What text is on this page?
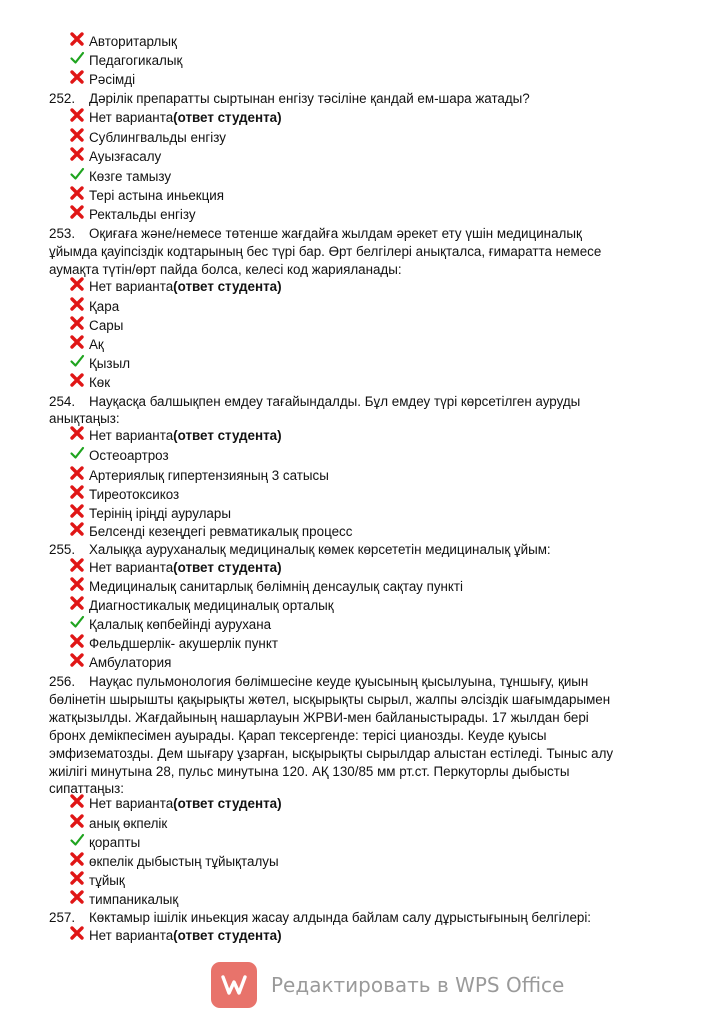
Авторитарлық
Педагогикалық
Рәсімді
252. Дәрілік препаратты сыртынан енгізу тәсіліне қандай ем-шара жатады?
Нет варианта (ответ студента)
Сублингвальды енгізу
Ауызғасалу
Көзге тамызу
Тері астына иньекция
Ректальды енгізу
253. Оқиғаға және/немесе төтенше жағдайға жылдам әрекет ету үшін медициналық
ұйымда қауіпсіздік кодтарының бес түрі бар. Өрт белгілері анықталса, ғимаратта немесе
аумақта түтін/өрт пайда болса, келесі код жарияланады:
Нет варианта (ответ студента)
Қара
Сары
Ақ
Қызыл
Көк
254. Науқасқа балшықпен емдеу тағайындалды. Бұл емдеу түрі көрсетілген ауруды
анықтаңыз:
Нет варианта (ответ студента)
Остеоартроз
Артериялық гипертензияның 3 сатысы
Тиреотоксикоз
Терінің іріңді аурулары
Белсенді кезеңдегі ревматикалық процесс
255. Халыққа ауруханалық медициналық көмек көрсететін медициналық ұйым:
Нет варианта (ответ студента)
Медициналық санитарлық бөлімнің денсаулық сақтау пункті
Диагностикалық медициналық орталық
Қалалық көпбейінді аурухана
Фельдшерлік- акушерлік пункт
Амбулатория
256. Науқас пульмонология бөлімшесіне кеуде қуысының қысылуына, тұншығу, қиын
бөлінетін шырышты қақырықты жөтел, ысқырықты сырыл, жалпы әлсіздік шағымдарымен
жатқызылды. Жағдайының нашарлауын ЖРВИ-мен байланыстырады. 17 жылдан бері
бронх демікпесімен ауырады. Қарап тексергенде: терісі цианозды. Кеуде қуысы
эмфизематозды. Дем шығару ұзарған, ысқырықты сырылдар алыстан естіледі. Тыныс алу
жиілігі минутына 28, пульс минутына 120. АҚ 130/85 мм рт.ст. Перкуторлы дыбысты
сипаттаңыз:
Нет варианта (ответ студента)
анық өкпелік
қорапты
өкпелік дыбыстың тұйықталуы
тұйық
тимпаникалық
257. Көктамыр ішілік иньекция жасау алдында байлам салу дұрыстығының белгілері:
Нет варианта (ответ студента)
Редактировать в WPS Office
